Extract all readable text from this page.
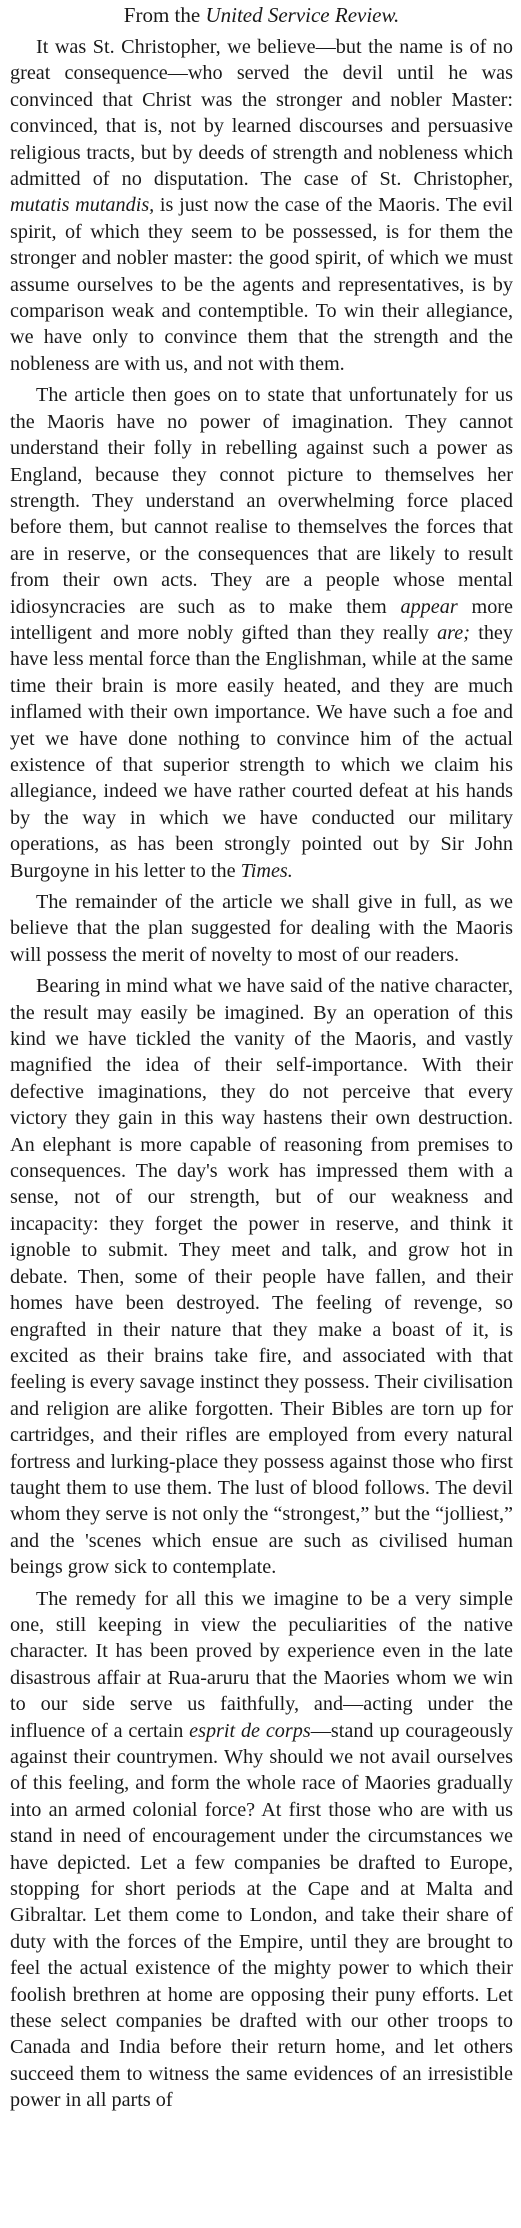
From the United Service Review.

It was St. Christopher, we believe—but the name is of no great consequence—who served the devil until he was convinced that Christ was the stronger and nobler Master: convinced, that is, not by learned discourses and persuasive religious tracts, but by deeds of strength and nobleness which admitted of no disputation. The case of St. Christopher, mutatis mutandis, is just now the case of the Maoris. The evil spirit, of which they seem to be possessed, is for them the stronger and nobler master: the good spirit, of which we must assume ourselves to be the agents and representatives, is by comparison weak and contemptible. To win their allegiance, we have only to convince them that the strength and the nobleness are with us, and not with them.

The article then goes on to state that unfortunately for us the Maoris have no power of imagination. They cannot understand their folly in rebelling against such a power as England, because they connot picture to themselves her strength. They understand an overwhelming force placed before them, but cannot realise to themselves the forces that are in reserve, or the consequences that are likely to result from their own acts. They are a people whose mental idiosyncracies are such as to make them appear more intelligent and more nobly gifted than they really are; they have less mental force than the Englishman, while at the same time their brain is more easily heated, and they are much inflamed with their own importance. We have such a foe and yet we have done nothing to convince him of the actual existence of that superior strength to which we claim his allegiance, indeed we have rather courted defeat at his hands by the way in which we have conducted our military operations, as has been strongly pointed out by Sir John Burgoyne in his letter to the Times.

The remainder of the article we shall give in full, as we believe that the plan suggested for dealing with the Maoris will possess the merit of novelty to most of our readers.

Bearing in mind what we have said of the native character, the result may easily be imagined. By an operation of this kind we have tickled the vanity of the Maoris, and vastly magnified the idea of their self-importance. With their defective imaginations, they do not perceive that every victory they gain in this way hastens their own destruction. An elephant is more capable of reasoning from premises to consequences. The day's work has impressed them with a sense, not of our strength, but of our weakness and incapacity: they forget the power in reserve, and think it ignoble to submit. They meet and talk, and grow hot in debate. Then, some of their people have fallen, and their homes have been destroyed. The feeling of revenge, so engrafted in their nature that they make a boast of it, is excited as their brains take fire, and associated with that feeling is every savage instinct they possess. Their civilisation and religion are alike forgotten. Their Bibles are torn up for cartridges, and their rifles are employed from every natural fortress and lurking-place they possess against those who first taught them to use them. The lust of blood follows. The devil whom they serve is not only the “strongest,” but the “jolliest,” and the 'scenes which ensue are such as civilised human beings grow sick to contemplate.

The remedy for all this we imagine to be a very simple one, still keeping in view the peculiarities of the native character. It has been proved by experience even in the late disastrous affair at Rua-aruru that the Maories whom we win to our side serve us faithfully, and—acting under the influence of a certain esprit de corps—stand up courageously against their countrymen. Why should we not avail ourselves of this feeling, and form the whole race of Maories gradually into an armed colonial force? At first those who are with us stand in need of encouragement under the circumstances we have depicted. Let a few companies be drafted to Europe, stopping for short periods at the Cape and at Malta and Gibraltar. Let them come to London, and take their share of duty with the forces of the Empire, until they are brought to feel the actual existence of the mighty power to which their foolish brethren at home are opposing their puny efforts. Let these select companies be drafted with our other troops to Canada and India before their return home, and let others succeed them to witness the same evidences of an irresistible power in all parts of
